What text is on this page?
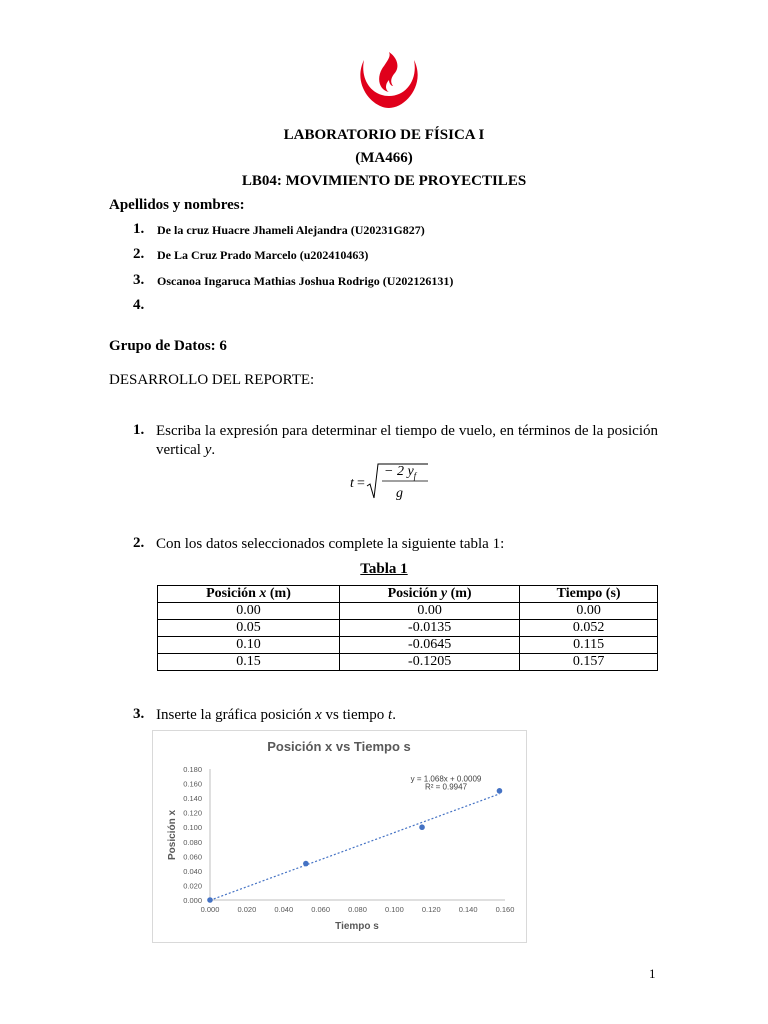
LABORATORIO DE FÍSICA I
(MA466)
LB04: MOVIMIENTO DE PROYECTILES
Apellidos y nombres:
1. De la cruz Huacre Jhameli Alejandra (U20231G827)
2. De La Cruz Prado Marcelo (u202410463)
3. Oscanoa Ingaruca Mathias Joshua Rodrigo (U202126131)
4.
Grupo de Datos: 6
DESARROLLO DEL REPORTE:
1. Escriba la expresión para determinar el tiempo de vuelo, en términos de la posición vertical y.
t =
− 2 $y_f$
g
2. Con los datos seleccionados complete la siguiente tabla 1:
Tabla 1
Posición x (m)	Posición y (m)	Tiempo (s)
0.00	0.00	0.00
0.05	-0.0135	0.052
0.10	-0.0645	0.115
0.15	-0.1205	0.157
3. Inserte la gráfica posición x vs tiempo t.
Posición x vs Tiempo s
Tiempo s
Posición x
0.000 0.020 0.040 0.060 0.080 0.100 0.120 0.140 0.160
0.000
0.020
0.040
0.060
0.080
0.100
0.120
0.140
0.160
0.180
y = 1.068x + 0.0009
R² = 0.9947
1
